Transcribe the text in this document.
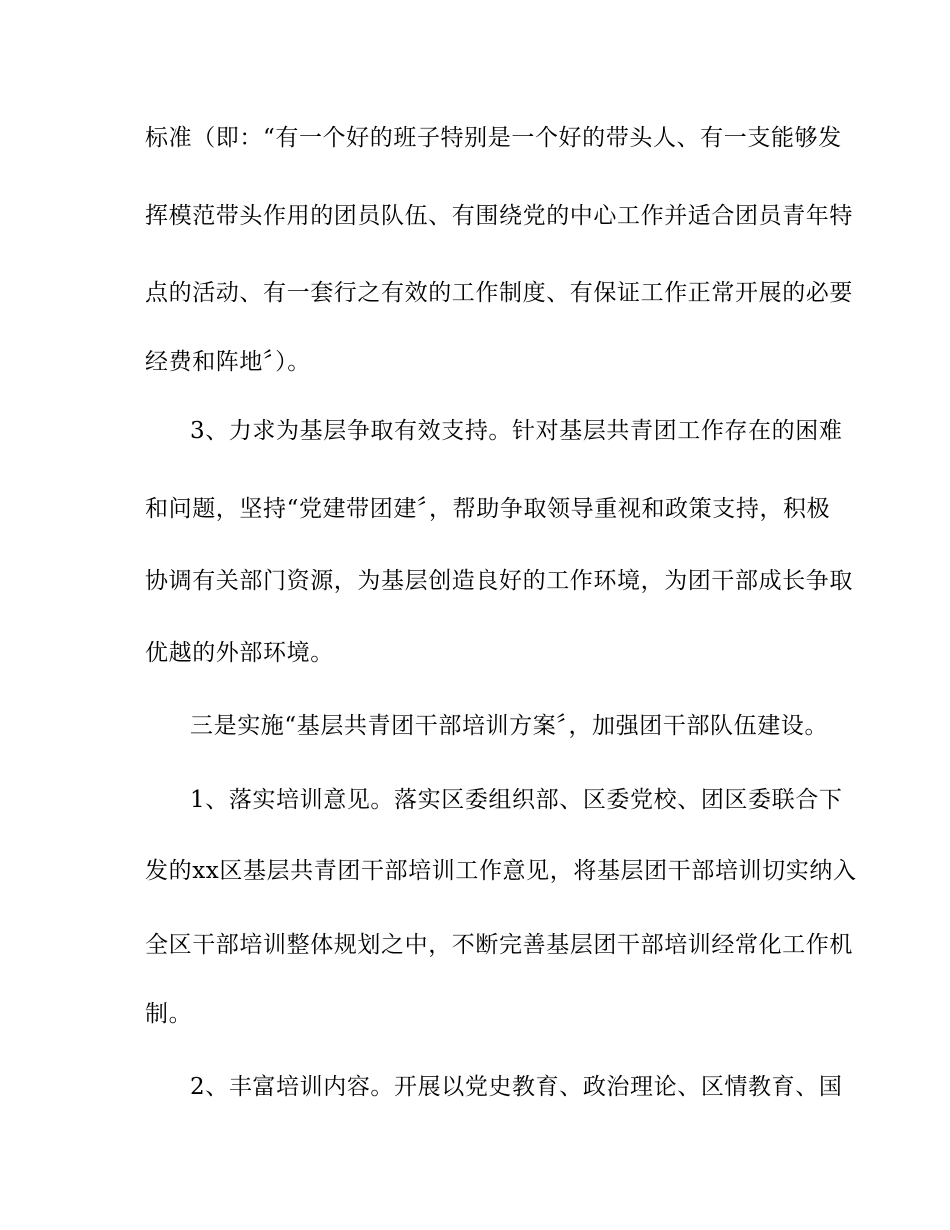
标准（即：“有一个好的班子特别是一个好的带头人、有一支能够发
挥模范带头作用的团员队伍、有围绕党的中心工作并适合团员青年特
点的活动、有一套行之有效的工作制度、有保证工作正常开展的必要
经费和阵地〞）。
3、力求为基层争取有效支持。针对基层共青团工作存在的困难
和问题，坚持“党建带团建〞，帮助争取领导重视和政策支持，积极
协调有关部门资源，为基层创造良好的工作环境，为团干部成长争取
优越的外部环境。
三是实施“基层共青团干部培训方案〞，加强团干部队伍建设。
1、落实培训意见。落实区委组织部、区委党校、团区委联合下
发的xx区基层共青团干部培训工作意见，将基层团干部培训切实纳入
全区干部培训整体规划之中，不断完善基层团干部培训经常化工作机
制。
2、丰富培训内容。开展以党史教育、政治理论、区情教育、国
